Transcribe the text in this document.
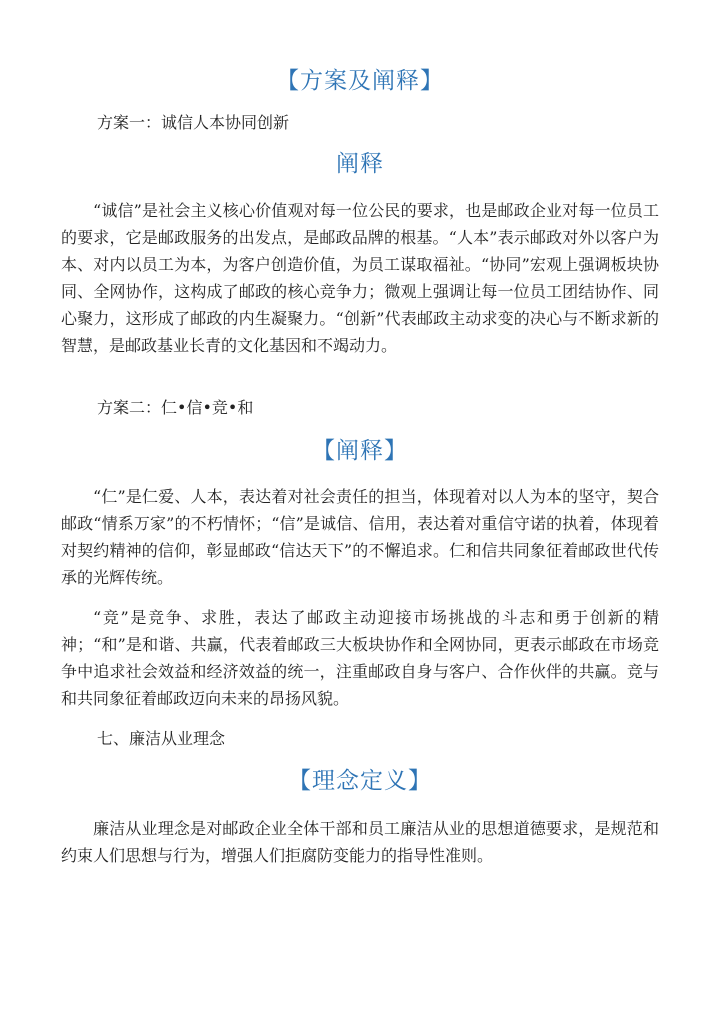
【方案及阐释】
方案一：诚信人本协同创新
阐释
“诚信”是社会主义核心价值观对每一位公民的要求，也是邮政企业对每一位员工的要求，它是邮政服务的出发点，是邮政品牌的根基。“人本”表示邮政对外以客户为本、对内以员工为本，为客户创造价值，为员工谋取福祉。“协同”宏观上强调板块协同、全网协作，这构成了邮政的核心竞争力；微观上强调让每一位员工团结协作、同心聚力，这形成了邮政的内生凝聚力。“创新”代表邮政主动求变的决心与不断求新的智慧，是邮政基业长青的文化基因和不竭动力。
方案二：仁•信•竞•和
【阐释】
“仁”是仁爱、人本，表达着对社会责任的担当，体现着对以人为本的坚守，契合邮政“情系万家”的不朽情怀；“信”是诚信、信用，表达着对重信守诺的执着，体现着对契约精神的信仰，彰显邮政“信达天下”的不懈追求。仁和信共同象征着邮政世代传承的光辉传统。
“竞”是竞争、求胜，表达了邮政主动迎接市场挑战的斗志和勇于创新的精神；“和”是和谐、共赢，代表着邮政三大板块协作和全网协同，更表示邮政在市场竞争中追求社会效益和经济效益的统一，注重邮政自身与客户、合作伙伴的共赢。竞与和共同象征着邮政迈向未来的昂扬风貌。
七、廉洁从业理念
【理念定义】
廉洁从业理念是对邮政企业全体干部和员工廉洁从业的思想道德要求，是规范和约束人们思想与行为，增强人们拒腐防变能力的指导性准则。
